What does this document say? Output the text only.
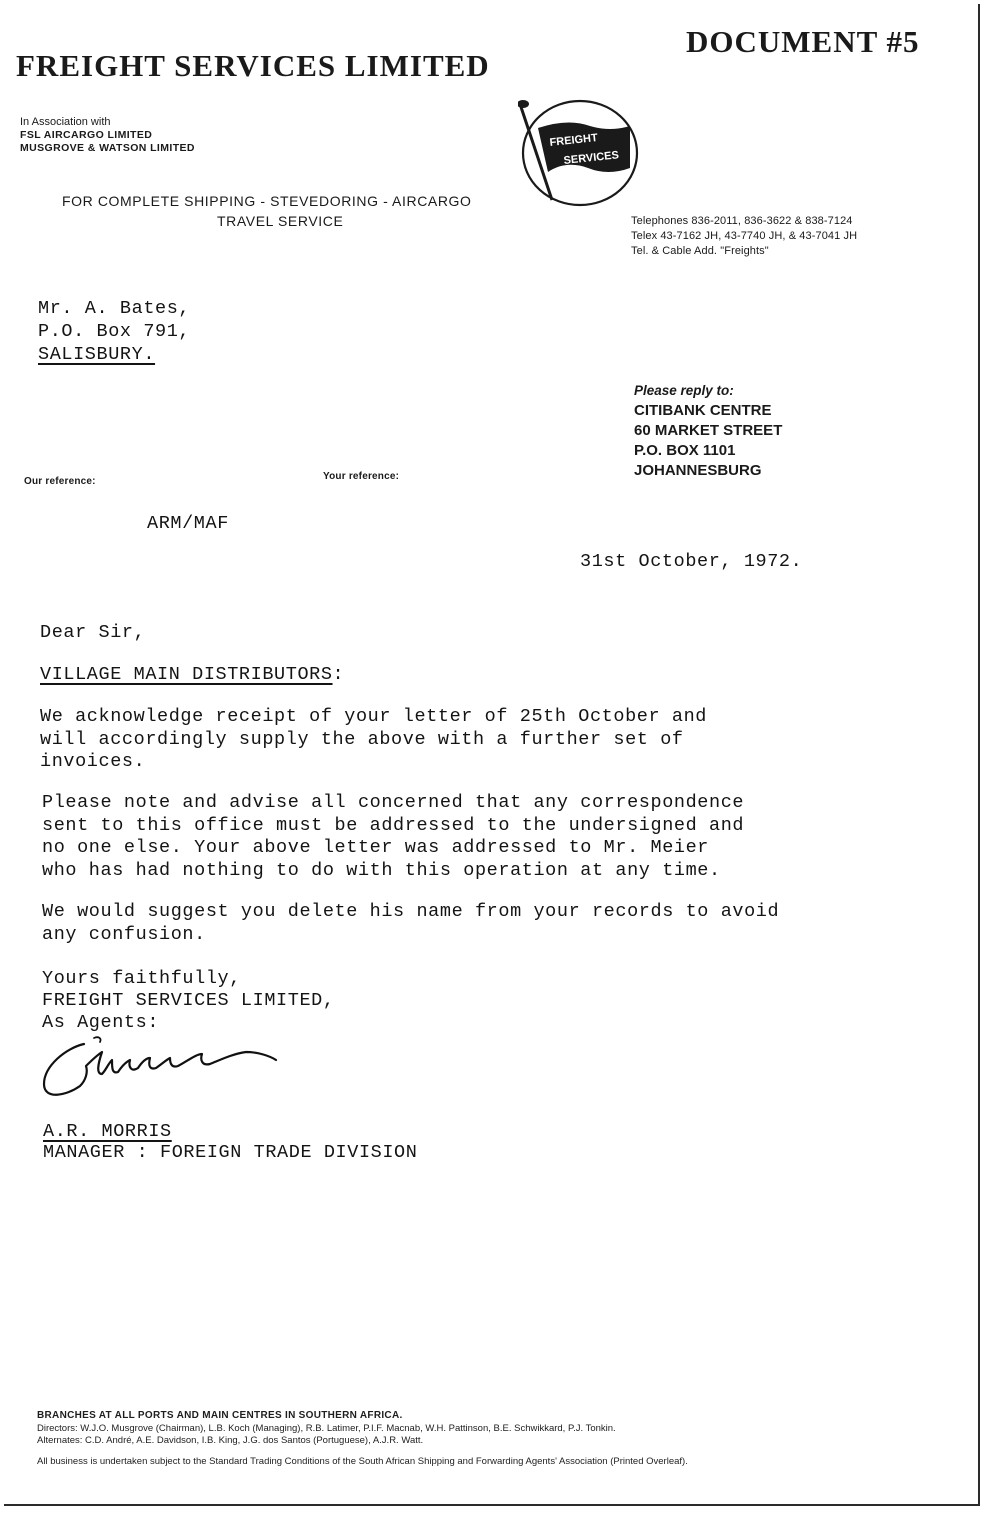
DOCUMENT #5
FREIGHT SERVICES LIMITED
In Association with
FSL AIRCARGO LIMITED
MUSGROVE & WATSON LIMITED
FOR COMPLETE SHIPPING - STEVEDORING - AIRCARGO
TRAVEL SERVICE
FREIGHT
SERVICES
Telephones 836-2011, 836-3622 & 838-7124
Telex 43-7162 JH, 43-7740 JH, & 43-7041 JH
Tel. & Cable Add. "Freights"
Mr. A. Bates,
P.O. Box 791,
SALISBURY.
Please reply to:
CITIBANK CENTRE
60 MARKET STREET
P.O. BOX 1101
JOHANNESBURG
Our reference:	Your reference:
ARM/MAF
31st October, 1972.
Dear Sir,
VILLAGE MAIN DISTRIBUTORS:
We acknowledge receipt of your letter of 25th October and
will accordingly supply the above with a further set of
invoices.
Please note and advise all concerned that any correspondence
sent to this office must be addressed to the undersigned and
no one else. Your above letter was addressed to Mr. Meier
who has had nothing to do with this operation at any time.
We would suggest you delete his name from your records to avoid
any confusion.
Yours faithfully,
FREIGHT SERVICES LIMITED,
As Agents:
A.R. MORRIS
MANAGER : FOREIGN TRADE DIVISION
BRANCHES AT ALL PORTS AND MAIN CENTRES IN SOUTHERN AFRICA.
Directors: W.J.O. Musgrove (Chairman), L.B. Koch (Managing), R.B. Latimer, P.I.F. Macnab, W.H. Pattinson, B.E. Schwikkard, P.J. Tonkin.
Alternates: C.D. André, A.E. Davidson, I.B. King, J.G. dos Santos (Portuguese), A.J.R. Watt.
All business is undertaken subject to the Standard Trading Conditions of the South African Shipping and Forwarding Agents' Association (Printed Overleaf).
